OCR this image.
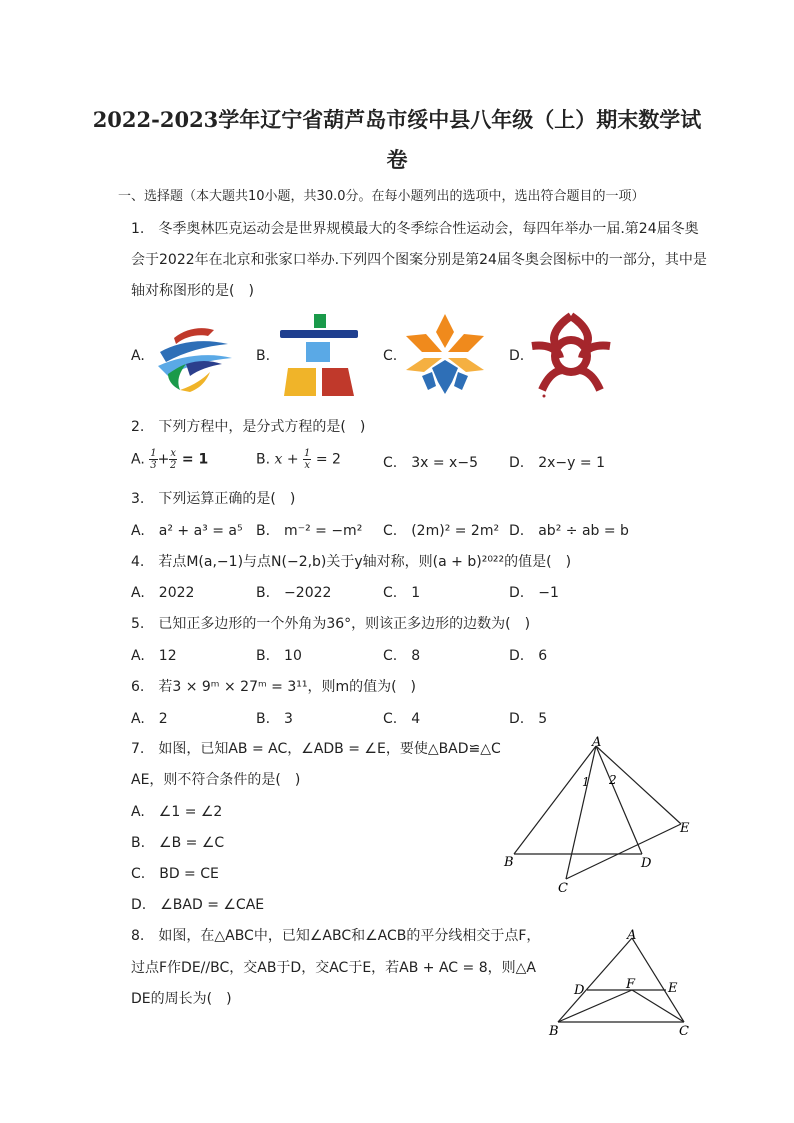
2022-2023学年辽宁省葫芦岛市绥中县八年级（上）期末数学试
卷
一、选择题（本大题共10小题，共30.0分。在每小题列出的选项中，选出符合题目的一项）
1.　冬季奥林匹克运动会是世界规模最大的冬季综合性运动会，每四年举办一届.第24届冬奥
会于2022年在北京和张家口举办.下列四个图案分别是第24届冬奥会图标中的一部分，其中是
轴对称图形的是(　)
A.	B.	C.	D.
2.　下列方程中，是分式方程的是(　)
A. $\frac{1}{3} + \frac{x}{2} = 1$	B. $x + \frac{1}{x} = 2$	C.　3x = x−5 D.　2x−y = 1
3.　下列运算正确的是(　)
A.　a² + a³ = a⁵ B.　m⁻² = −m² C.　(2m)² = 2m² D.　ab² ÷ ab = b
4.　若点M(a,−1)与点N(−2,b)关于y轴对称，则(a + b)²⁰²²的值是(　)
A.　2022	B.　−2022	C.　1	D.　−1
5.　已知正多边形的一个外角为36°，则该正多边形的边数为(　)
A.　12	B.　10	C.　8	D.　6
6.　若3 × 9ᵐ × 27ᵐ = 3¹¹，则m的值为(　)
A.　2	B.　3	C.　4	D.　5
7.　如图，已知AB = AC，∠ADB = ∠E，要使△BAD≌△C
AE，则不符合条件的是(　)
A.　∠1 = ∠2
B.　∠B = ∠C
C.　BD = CE
D.　∠BAD = ∠CAE
A
B
C
D
E
1 2
8.　如图，在△ABC中，已知∠ABC和∠ACB的平分线相交于点F，
过点F作DE//BC，交AB于D，交AC于E，若AB + AC = 8，则△A
DE的周长为(　)
A
B	C
D	E
F
